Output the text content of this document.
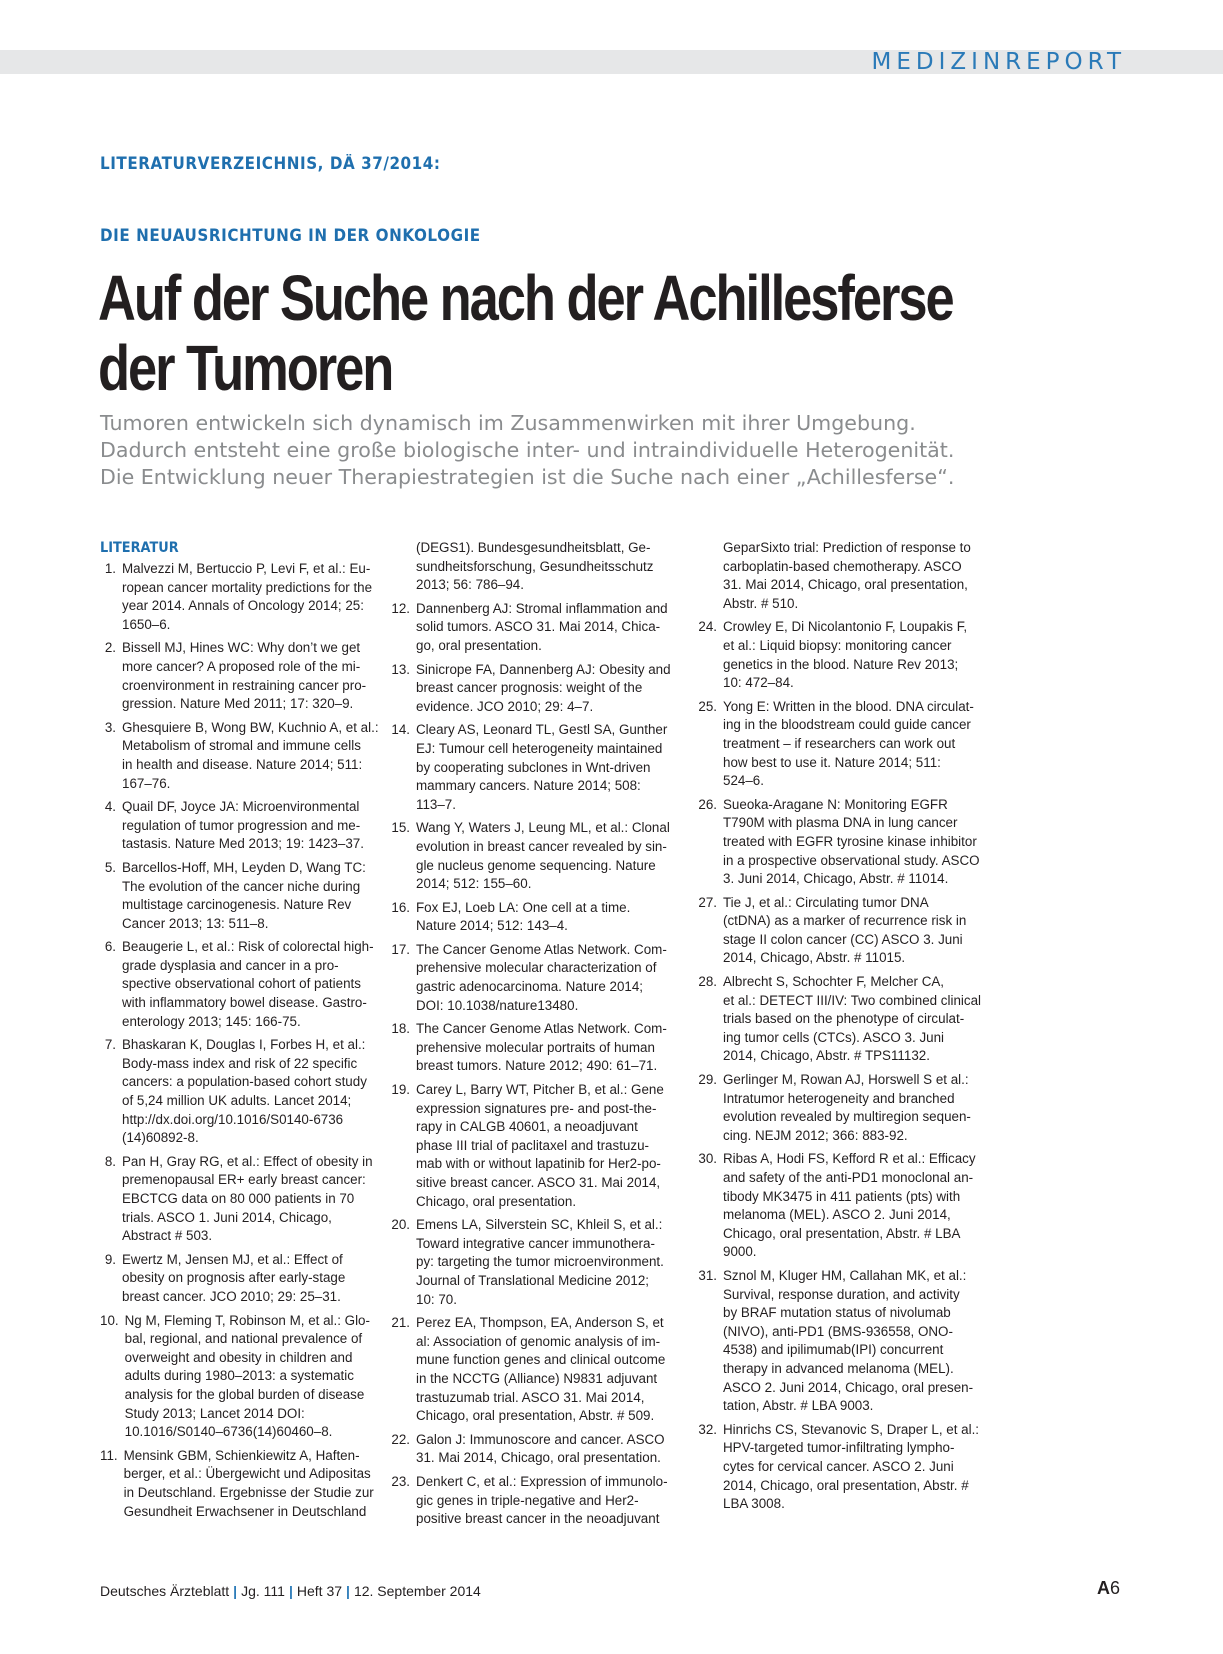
MEDIZINREPORT
LITERATURVERZEICHNIS, DÄ 37/2014:
DIE NEUAUSRICHTUNG IN DER ONKOLOGIE
Auf der Suche nach der Achillesferse
der Tumoren
Tumoren entwickeln sich dynamisch im Zusammenwirken mit ihrer Umgebung.
Dadurch entsteht eine große biologische inter- und intraindividuelle Heterogenität.
Die Entwicklung neuer Therapiestrategien ist die Suche nach einer „Achillesferse“.
LITERATUR
1. Malvezzi M, Bertuccio P, Levi F, et al.: Eu-
ropean cancer mortality predictions for the
year 2014. Annals of Oncology 2014; 25:
1650–6.
2. Bissell MJ, Hines WC: Why don’t we get
more cancer? A proposed role of the mi-
croenvironment in restraining cancer pro-
gression. Nature Med 2011; 17: 320–9.
3. Ghesquiere B, Wong BW, Kuchnio A, et al.:
Metabolism of stromal and immune cells
in health and disease. Nature 2014; 511:
167–76.
4. Quail DF, Joyce JA: Microenvironmental
regulation of tumor progression and me-
tastasis. Nature Med 2013; 19: 1423–37.
5. Barcellos-Hoff, MH, Leyden D, Wang TC:
The evolution of the cancer niche during
multistage carcinogenesis. Nature Rev
Cancer 2013; 13: 511–8.
6. Beaugerie L, et al.: Risk of colorectal high-
grade dysplasia and cancer in a pro-
spective observational cohort of patients
with inflammatory bowel disease. Gastro-
enterology 2013; 145: 166-75.
7. Bhaskaran K, Douglas I, Forbes H, et al.:
Body-mass index and risk of 22 specific
cancers: a population-based cohort study
of 5,24 million UK adults. Lancet 2014;
http://dx.doi.org/10.1016/S0140-6736
(14)60892-8.
8. Pan H, Gray RG, et al.: Effect of obesity in
premenopausal ER+ early breast cancer:
EBCTCG data on 80 000 patients in 70
trials. ASCO 1. Juni 2014, Chicago,
Abstract # 503.
9. Ewertz M, Jensen MJ, et al.: Effect of
obesity on prognosis after early-stage
breast cancer. JCO 2010; 29: 25–31.
10. Ng M, Fleming T, Robinson M, et al.: Glo-
bal, regional, and national prevalence of
overweight and obesity in children and
adults during 1980–2013: a systematic
analysis for the global burden of disease
Study 2013; Lancet 2014 DOI:
10.1016/S0140–6736(14)60460–8.
11. Mensink GBM, Schienkiewitz A, Haften-
berger, et al.: Übergewicht und Adipositas
in Deutschland. Ergebnisse der Studie zur
Gesundheit Erwachsener in Deutschland
(DEGS1). Bundesgesundheitsblatt, Ge-
sundheitsforschung, Gesundheitsschutz
2013; 56: 786–94.
12. Dannenberg AJ: Stromal inflammation and
solid tumors. ASCO 31. Mai 2014, Chica-
go, oral presentation.
13. Sinicrope FA, Dannenberg AJ: Obesity and
breast cancer prognosis: weight of the
evidence. JCO 2010; 29: 4–7.
14. Cleary AS, Leonard TL, Gestl SA, Gunther
EJ: Tumour cell heterogeneity maintained
by cooperating subclones in Wnt-driven
mammary cancers. Nature 2014; 508:
113–7.
15. Wang Y, Waters J, Leung ML, et al.: Clonal
evolution in breast cancer revealed by sin-
gle nucleus genome sequencing. Nature
2014; 512: 155–60.
16. Fox EJ, Loeb LA: One cell at a time.
Nature 2014; 512: 143–4.
17. The Cancer Genome Atlas Network. Com-
prehensive molecular characterization of
gastric adenocarcinoma. Nature 2014;
DOI: 10.1038/nature13480.
18. The Cancer Genome Atlas Network. Com-
prehensive molecular portraits of human
breast tumors. Nature 2012; 490: 61–71.
19. Carey L, Barry WT, Pitcher B, et al.: Gene
expression signatures pre- and post-the-
rapy in CALGB 40601, a neoadjuvant
phase III trial of paclitaxel and trastuzu-
mab with or without lapatinib for Her2-po-
sitive breast cancer. ASCO 31. Mai 2014,
Chicago, oral presentation.
20. Emens LA, Silverstein SC, Khleil S, et al.:
Toward integrative cancer immunothera-
py: targeting the tumor microenvironment.
Journal of Translational Medicine 2012;
10: 70.
21. Perez EA, Thompson, EA, Anderson S, et
al: Association of genomic analysis of im-
mune function genes and clinical outcome
in the NCCTG (Alliance) N9831 adjuvant
trastuzumab trial. ASCO 31. Mai 2014,
Chicago, oral presentation, Abstr. # 509.
22. Galon J: Immunoscore and cancer. ASCO
31. Mai 2014, Chicago, oral presentation.
23. Denkert C, et al.: Expression of immunolo-
gic genes in triple-negative and Her2-
positive breast cancer in the neoadjuvant
GeparSixto trial: Prediction of response to
carboplatin-based chemotherapy. ASCO
31. Mai 2014, Chicago, oral presentation,
Abstr. # 510.
24. Crowley E, Di Nicolantonio F, Loupakis F,
et al.: Liquid biopsy: monitoring cancer
genetics in the blood. Nature Rev 2013;
10: 472–84.
25. Yong E: Written in the blood. DNA circulat-
ing in the bloodstream could guide cancer
treatment – if researchers can work out
how best to use it. Nature 2014; 511:
524–6.
26. Sueoka-Aragane N: Monitoring EGFR
T790M with plasma DNA in lung cancer
treated with EGFR tyrosine kinase inhibitor
in a prospective observational study. ASCO
3. Juni 2014, Chicago, Abstr. # 11014.
27. Tie J, et al.: Circulating tumor DNA
(ctDNA) as a marker of recurrence risk in
stage II colon cancer (CC) ASCO 3. Juni
2014, Chicago, Abstr. # 11015.
28. Albrecht S, Schochter F, Melcher CA,
et al.: DETECT III/IV: Two combined clinical
trials based on the phenotype of circulat-
ing tumor cells (CTCs). ASCO 3. Juni
2014, Chicago, Abstr. # TPS11132.
29. Gerlinger M, Rowan AJ, Horswell S et al.:
Intratumor heterogeneity and branched
evolution revealed by multiregion sequen-
cing. NEJM 2012; 366: 883-92.
30. Ribas A, Hodi FS, Kefford R et al.: Efficacy
and safety of the anti-PD1 monoclonal an-
tibody MK3475 in 411 patients (pts) with
melanoma (MEL). ASCO 2. Juni 2014,
Chicago, oral presentation, Abstr. # LBA
9000.
31. Sznol M, Kluger HM, Callahan MK, et al.:
Survival, response duration, and activity
by BRAF mutation status of nivolumab
(NIVO), anti-PD1 (BMS-936558, ONO-
4538) and ipilimumab(IPI) concurrent
therapy in advanced melanoma (MEL).
ASCO 2. Juni 2014, Chicago, oral presen-
tation, Abstr. # LBA 9003.
32. Hinrichs CS, Stevanovic S, Draper L, et al.:
HPV-targeted tumor-infiltrating lympho-
cytes for cervical cancer. ASCO 2. Juni
2014, Chicago, oral presentation, Abstr. #
LBA 3008.
Deutsches Ärzteblatt | Jg. 111 | Heft 37 | 12. September 2014	A6
